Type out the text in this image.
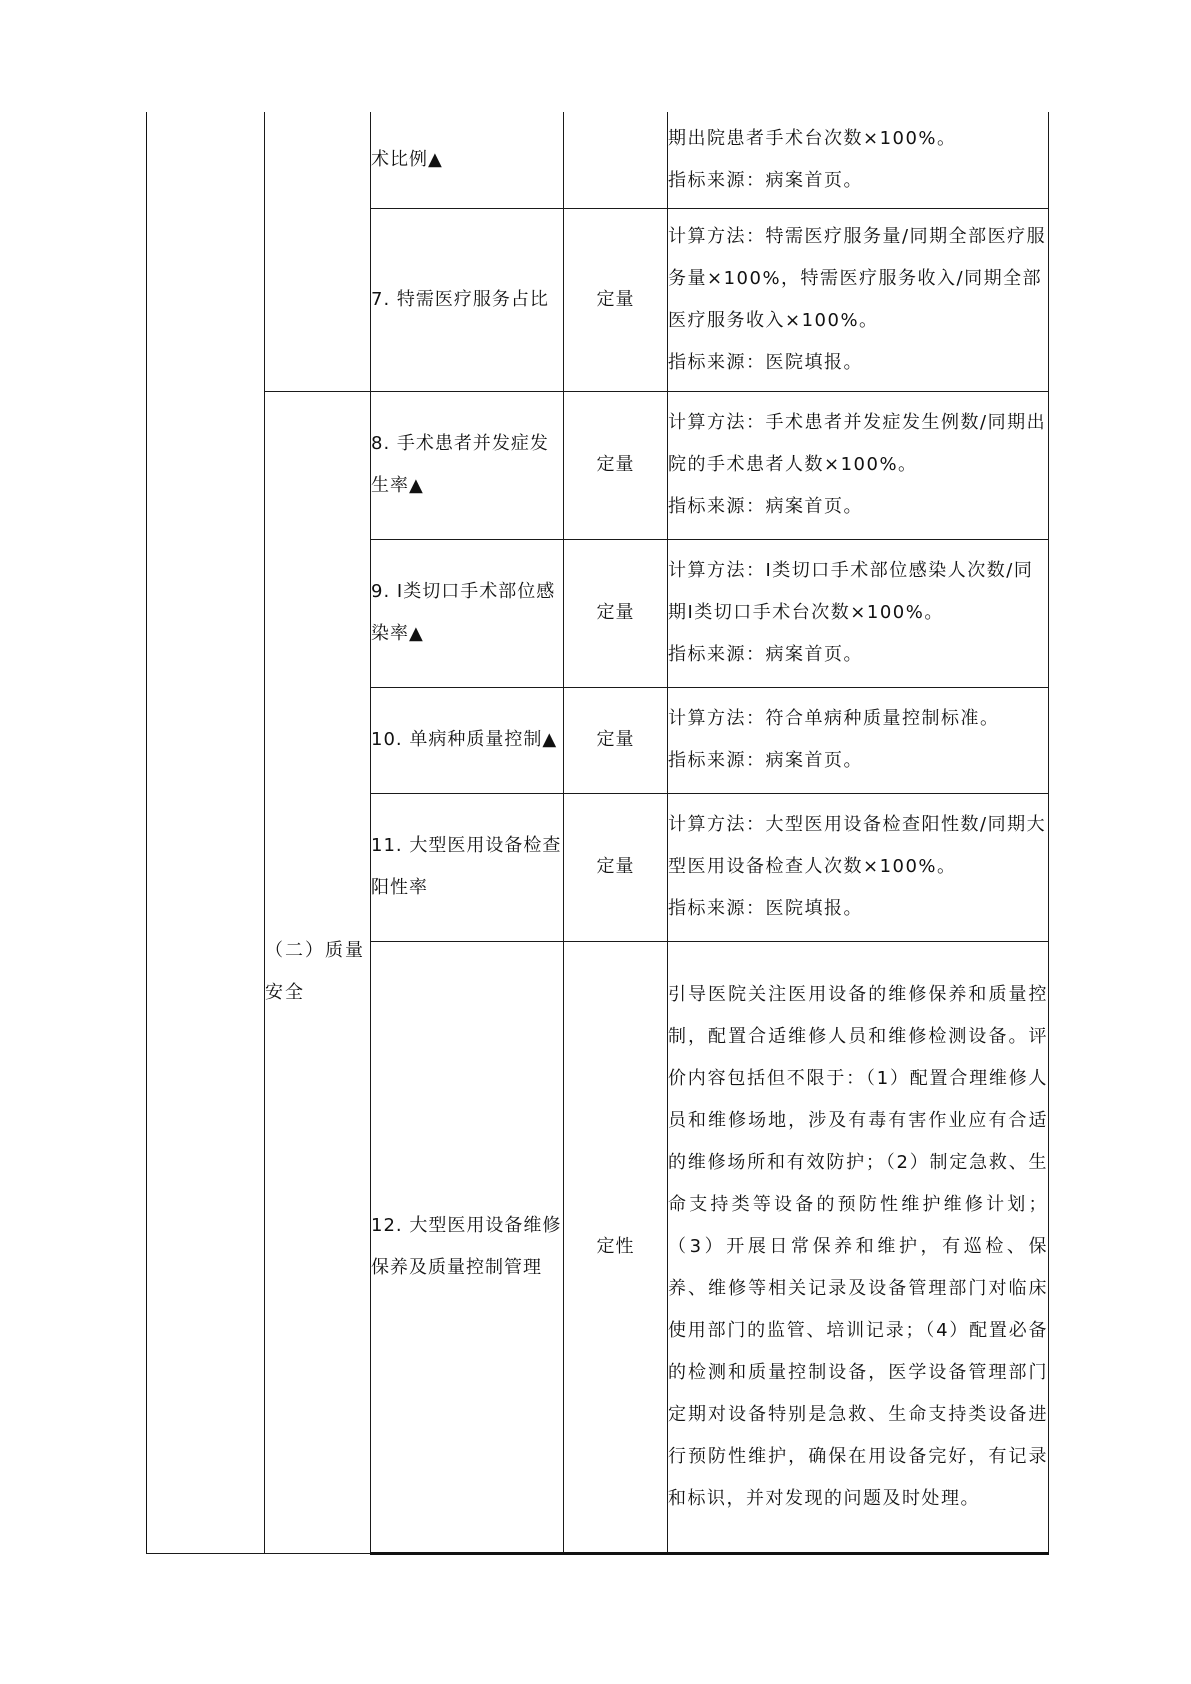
		术比例▲		期出院患者手术台次数×100%。

指标来源：病案首页。

		7. 特需医疗服务占比	定量	计算方法：特需医疗服务量/同期全部医疗服务量×100%，特需医疗服务收入/同期全部医疗服务收入×100%。

指标来源：医院填报。

	（二）质量安全	8. 手术患者并发症发生率▲	定量	计算方法：手术患者并发症发生例数/同期出院的手术患者人数×100%。

指标来源：病案首页。

		9. Ⅰ类切口手术部位感染率▲	定量	计算方法：Ⅰ类切口手术部位感染人次数/同期Ⅰ类切口手术台次数×100%。

指标来源：病案首页。

		10. 单病种质量控制▲	定量	计算方法：符合单病种质量控制标准。

指标来源：病案首页。

		11. 大型医用设备检查阳性率	定量	计算方法：大型医用设备检查阳性数/同期大型医用设备检查人次数×100%。

指标来源：医院填报。

		12. 大型医用设备维修保养及质量控制管理	定性	引导医院关注医用设备的维修保养和质量控制，配置合适维修人员和维修检测设备。评价内容包括但不限于：（1）配置合理维修人员和维修场地，涉及有毒有害作业应有合适的维修场所和有效防护；（2）制定急救、生命支持类等设备的预防性维护维修计划；（3）开展日常保养和维护，有巡检、保养、维修等相关记录及设备管理部门对临床使用部门的监管、培训记录；（4）配置必备的检测和质量控制设备，医学设备管理部门定期对设备特别是急救、生命支持类设备进行预防性维护，确保在用设备完好，有记录和标识，并对发现的问题及时处理。
